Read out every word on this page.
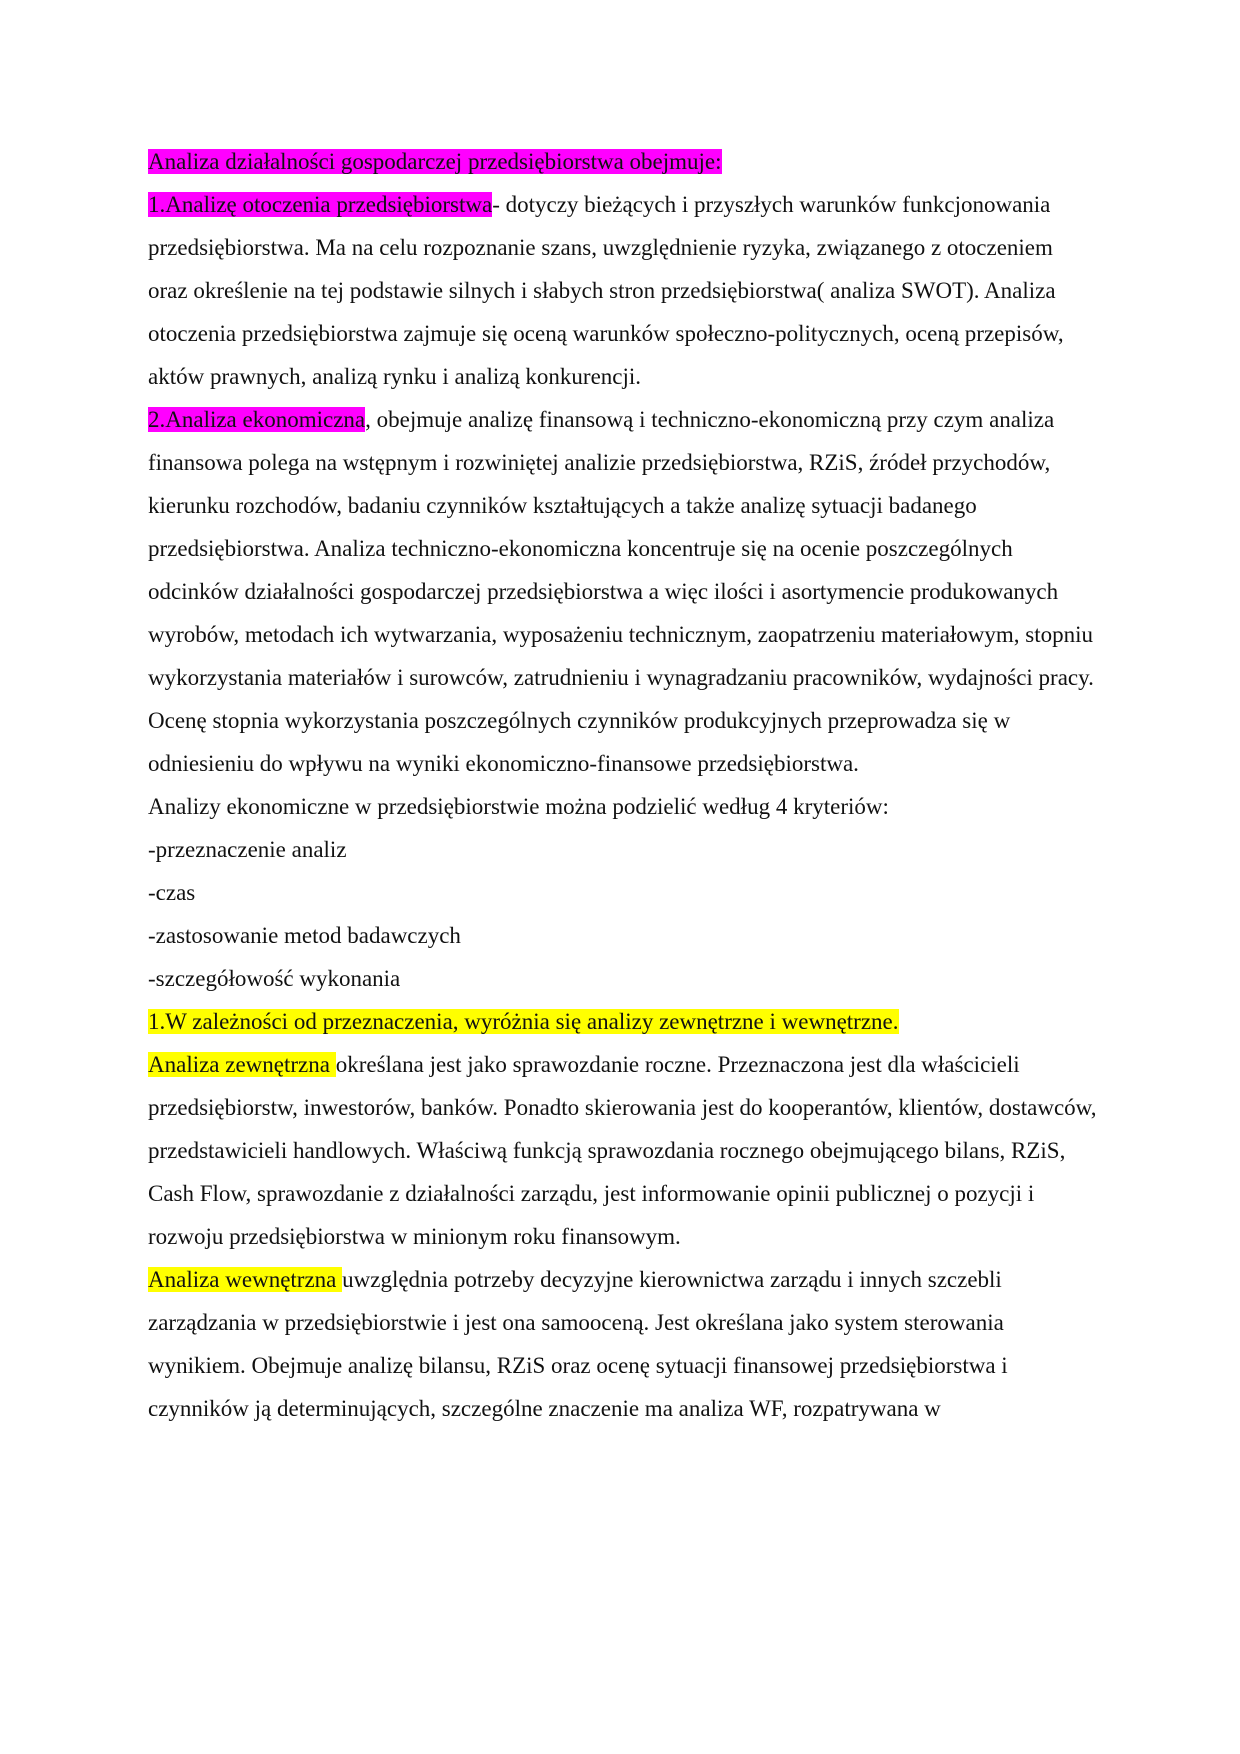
Analiza działalności gospodarczej przedsiębiorstwa obejmuje:

1.Analizę otoczenia przedsiębiorstwa- dotyczy bieżących i przyszłych warunków funkcjonowania przedsiębiorstwa. Ma na celu rozpoznanie szans, uwzględnienie ryzyka, związanego z otoczeniem oraz określenie na tej podstawie silnych i słabych stron przedsiębiorstwa( analiza SWOT). Analiza otoczenia przedsiębiorstwa zajmuje się oceną warunków społeczno-politycznych, oceną przepisów, aktów prawnych, analizą rynku i analizą konkurencji.

2.Analiza ekonomiczna, obejmuje analizę finansową i techniczno-ekonomiczną przy czym analiza finansowa polega na wstępnym i rozwiniętej analizie przedsiębiorstwa, RZiS, źródeł przychodów,

kierunku rozchodów, badaniu czynników kształtujących a także analizę sytuacji badanego przedsiębiorstwa. Analiza techniczno-ekonomiczna koncentruje się na ocenie poszczególnych odcinków działalności gospodarczej przedsiębiorstwa a więc ilości i asortymencie produkowanych wyrobów, metodach ich wytwarzania, wyposażeniu technicznym, zaopatrzeniu materiałowym, stopniu wykorzystania materiałów i surowców, zatrudnieniu i wynagradzaniu pracowników, wydajności pracy. Ocenę stopnia wykorzystania poszczególnych czynników produkcyjnych przeprowadza się w odniesieniu do wpływu na wyniki ekonomiczno-finansowe przedsiębiorstwa.

Analizy ekonomiczne w przedsiębiorstwie można podzielić według 4 kryteriów:

-przeznaczenie analiz

-czas

-zastosowanie metod badawczych

-szczegółowość wykonania

1.W zależności od przeznaczenia, wyróżnia się analizy zewnętrzne i wewnętrzne.

Analiza zewnętrzna określana jest jako sprawozdanie roczne. Przeznaczona jest dla właścicieli przedsiębiorstw, inwestorów, banków. Ponadto skierowania jest do kooperantów, klientów, dostawców, przedstawicieli handlowych. Właściwą funkcją sprawozdania rocznego obejmującego bilans, RZiS, Cash Flow, sprawozdanie z działalności zarządu, jest informowanie opinii publicznej o pozycji i rozwoju przedsiębiorstwa w minionym roku finansowym.

Analiza wewnętrzna uwzględnia potrzeby decyzyjne kierownictwa zarządu i innych szczebli zarządzania w przedsiębiorstwie i jest ona samooceną. Jest określana jako system sterowania wynikiem. Obejmuje analizę bilansu, RZiS oraz ocenę sytuacji finansowej przedsiębiorstwa i czynników ją determinujących, szczególne znaczenie ma analiza WF, rozpatrywana w
